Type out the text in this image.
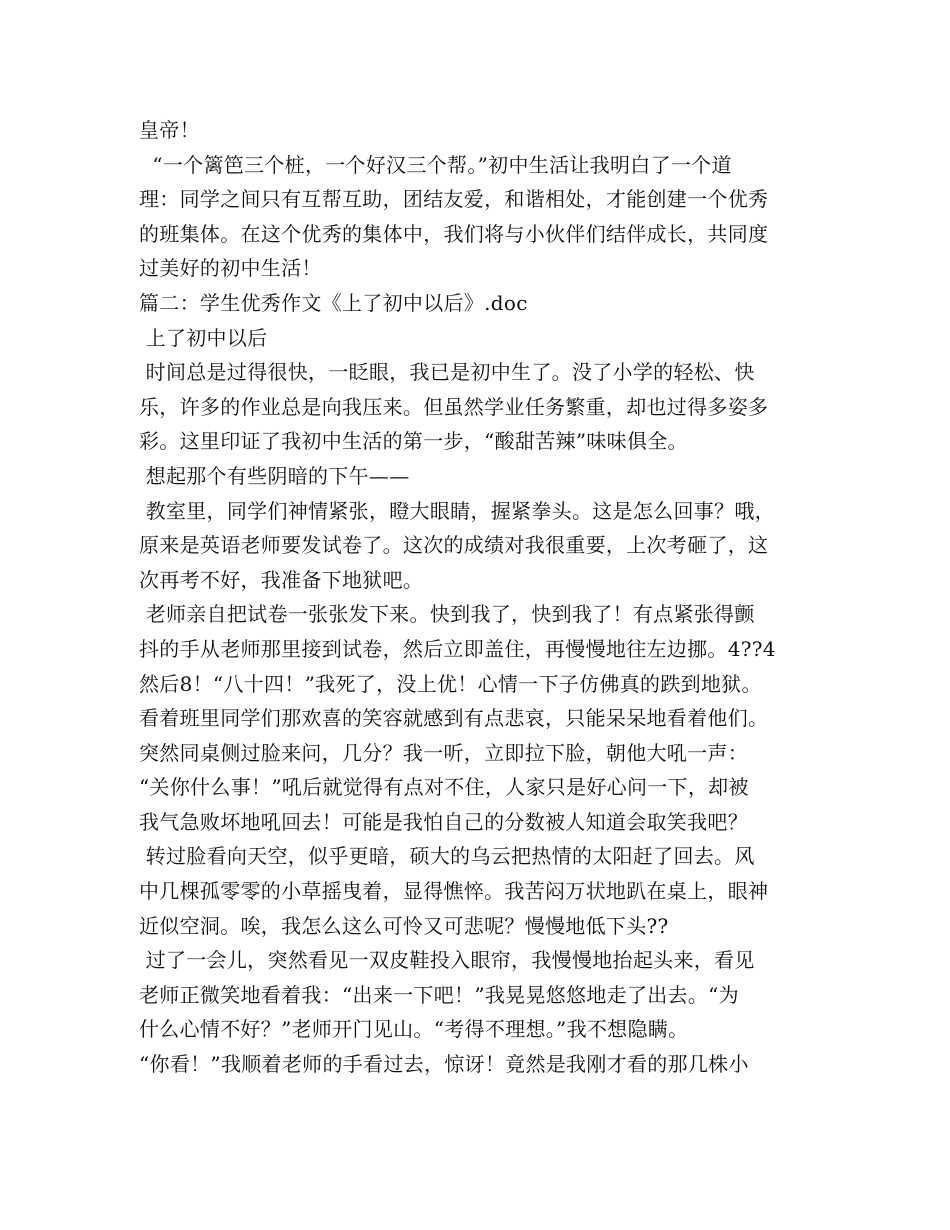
皇帝！
“一个篱笆三个桩，一个好汉三个帮。”初中生活让我明白了一个道
理：同学之间只有互帮互助，团结友爱，和谐相处，才能创建一个优秀
的班集体。在这个优秀的集体中，我们将与小伙伴们结伴成长，共同度
过美好的初中生活！
篇二：学生优秀作文《上了初中以后》.doc
上了初中以后
时间总是过得很快，一眨眼，我已是初中生了。没了小学的轻松、快
乐，许多的作业总是向我压来。但虽然学业任务繁重，却也过得多姿多
彩。这里印证了我初中生活的第一步，“酸甜苦辣”味味俱全。
想起那个有些阴暗的下午——
教室里，同学们神情紧张，瞪大眼睛，握紧拳头。这是怎么回事？哦，
原来是英语老师要发试卷了。这次的成绩对我很重要，上次考砸了，这
次再考不好，我准备下地狱吧。
老师亲自把试卷一张张发下来。快到我了，快到我了！有点紧张得颤
抖的手从老师那里接到试卷，然后立即盖住，再慢慢地往左边挪。4??4
然后8！“八十四！”我死了，没上优！心情一下子仿佛真的跌到地狱。
看着班里同学们那欢喜的笑容就感到有点悲哀，只能呆呆地看着他们。
突然同桌侧过脸来问，几分？我一听，立即拉下脸，朝他大吼一声：
“关你什么事！”吼后就觉得有点对不住，人家只是好心问一下，却被
我气急败坏地吼回去！可能是我怕自己的分数被人知道会取笑我吧？
转过脸看向天空，似乎更暗，硕大的乌云把热情的太阳赶了回去。风
中几棵孤零零的小草摇曳着，显得憔悴。我苦闷万状地趴在桌上，眼神
近似空洞。唉，我怎么这么可怜又可悲呢？慢慢地低下头??
过了一会儿，突然看见一双皮鞋投入眼帘，我慢慢地抬起头来，看见
老师正微笑地看着我：“出来一下吧！”我晃晃悠悠地走了出去。“为
什么心情不好？”老师开门见山。“考得不理想。”我不想隐瞒。
“你看！”我顺着老师的手看过去，惊讶！竟然是我刚才看的那几株小
